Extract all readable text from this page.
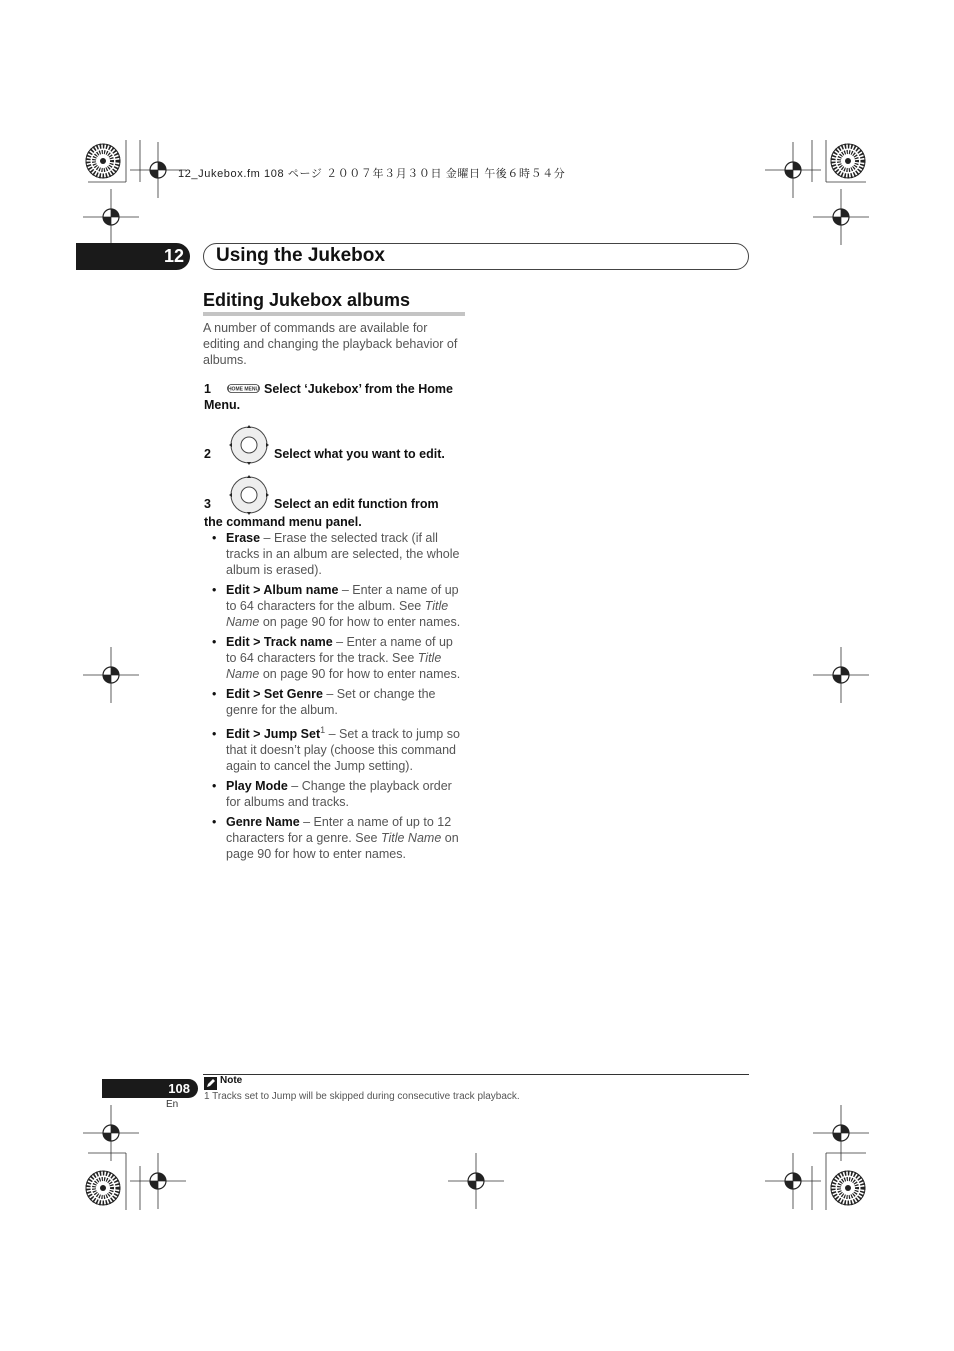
12_Jukebox.fm 108 ページ ２００７年３月３０日 金曜日 午後６時５４分
12	Using the Jukebox
Editing Jukebox albums
A number of commands are available for editing and changing the playback behavior of albums.
1	HOME MENU Select ‘Jukebox’ from the Home
Menu.
2	Select what you want to edit.
3	Select an edit function from
the command menu panel.
• Erase – Erase the selected track (if all tracks in an album are selected, the whole album is erased).
• Edit > Album name – Enter a name of up to 64 characters for the album. See Title Name on page 90 for how to enter names.
• Edit > Track name – Enter a name of up to 64 characters for the track. See Title Name on page 90 for how to enter names.
• Edit > Set Genre – Set or change the genre for the album.
• Edit > Jump Set$^1$ – Set a track to jump so that it doesn’t play (choose this command again to cancel the Jump setting).
• Play Mode – Change the playback order for albums and tracks.
• Genre Name – Enter a name of up to 12 characters for a genre. See Title Name on page 90 for how to enter names.
Note
1 Tracks set to Jump will be skipped during consecutive track playback.
108
En
